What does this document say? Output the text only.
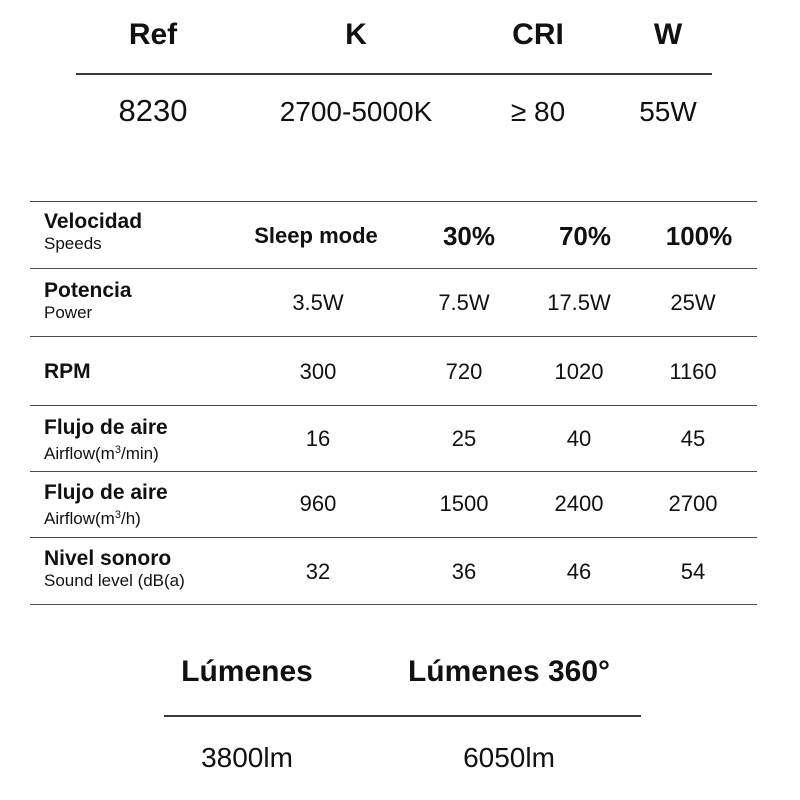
Ref	K	CRI	W
8230	2700-5000K	≥ 80	55W
Velocidad
Speeds	Sleep mode	30% 70% 100%
Potencia
Power	3.5W	7.5W	17.5W	25W
RPM	300	720	1020	1160
Flujo de aire
$Airflow(m^3/\min)$
16	25	40	45
Flujo de aire
$Airflow(m^3/h)$
960	1500	2400	2700
Nivel sonoro
Sound level (dB(a)	32	36	46	54
Lúmenes	Lúmenes 360°
3800lm	6050lm
